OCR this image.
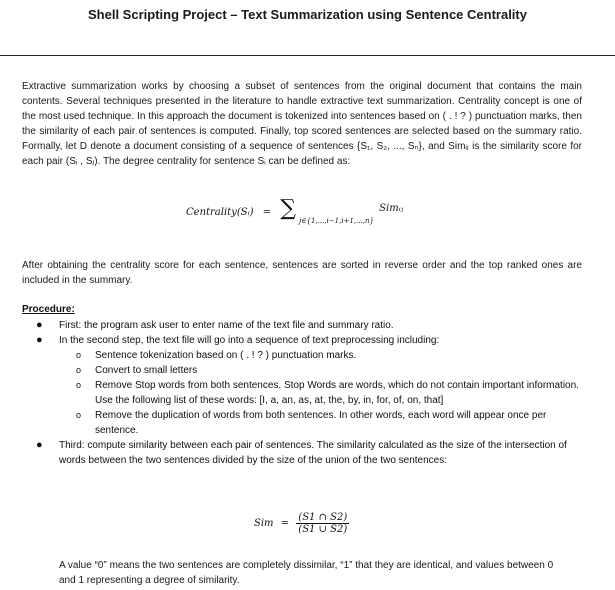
Shell Scripting Project – Text Summarization using Sentence Centrality
Extractive summarization works by choosing a subset of sentences from the original document that contains the main contents. Several techniques presented in the literature to handle extractive text summarization. Centrality concept is one of the most used technique. In this approach the document is tokenized into sentences based on ( . ! ? ) punctuation marks, then the similarity of each pair of sentences is computed. Finally, top scored sentences are selected based on the summary ratio. Formally, let D denote a document consisting of a sequence of sentences {S₁, S₂, ..., Sₙ}, and Simᵢⱼ is the similarity score for each pair (Sᵢ , Sⱼ). The degree centrality for sentence Sᵢ can be defined as:
Centrality(Sᵢ) = ∑ $_{j\in\{1,...,i-1,i+1,...,n\}}$ Simᵢⱼ
After obtaining the centrality score for each sentence, sentences are sorted in reverse order and the top ranked ones are included in the summary.
Procedure:
● First: the program ask user to enter name of the text file and summary ratio.
● In the second step, the text file will go into a sequence of text preprocessing including:
o Sentence tokenization based on ( . ! ? ) punctuation marks.
o Convert to small letters
o Remove Stop words from both sentences. Stop Words are words, which do not contain important information. Use the following list of these words: [I, a, an, as, at, the, by, in, for, of, on, that]
o Remove the duplication of words from both sentences. In other words, each word will appear once per sentence.
● Third: compute similarity between each pair of sentences. The similarity calculated as the size of the intersection of words between the two sentences divided by the size of the union of the two sentences:
Sim = $\frac{(S1 \cap S2)}{(S1 \cup S2)}$
A value “0” means the two sentences are completely dissimilar, “1” that they are identical, and values between 0 and 1 representing a degree of similarity.
